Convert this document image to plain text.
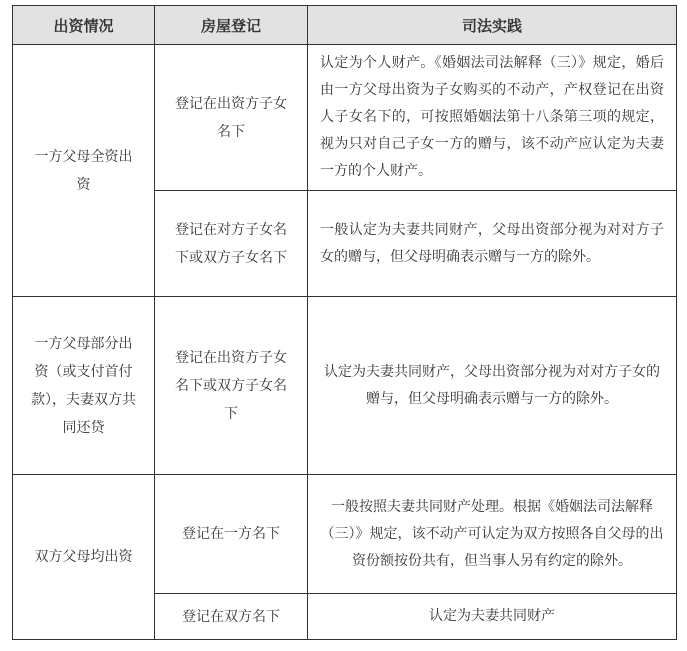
出资情况	房屋登记	司法实践

一方父母全资出资	登记在出资方子女名下	认定为个人财产。《婚姻法司法解释（三）》规定，婚后由一方父母出资为子女购买的不动产，产权登记在出资人子女名下的，可按照婚姻法第十八条第三项的规定，视为只对自己子女一方的赠与，该不动产应认定为夫妻一方的个人财产。

	登记在对方子女名下或双方子女名下	一般认定为夫妻共同财产，父母出资部分视为对对方子女的赠与，但父母明确表示赠与一方的除外。

一方父母部分出资（或支付首付款），夫妻双方共同还贷	登记在出资方子女名下或双方子女名下	认定为夫妻共同财产，父母出资部分视为对对方子女的赠与，但父母明确表示赠与一方的除外。

双方父母均出资	登记在一方名下	一般按照夫妻共同财产处理。根据《婚姻法司法解释（三）》规定，该不动产可认定为双方按照各自父母的出资份额按份共有，但当事人另有约定的除外。

	登记在双方名下	认定为夫妻共同财产
